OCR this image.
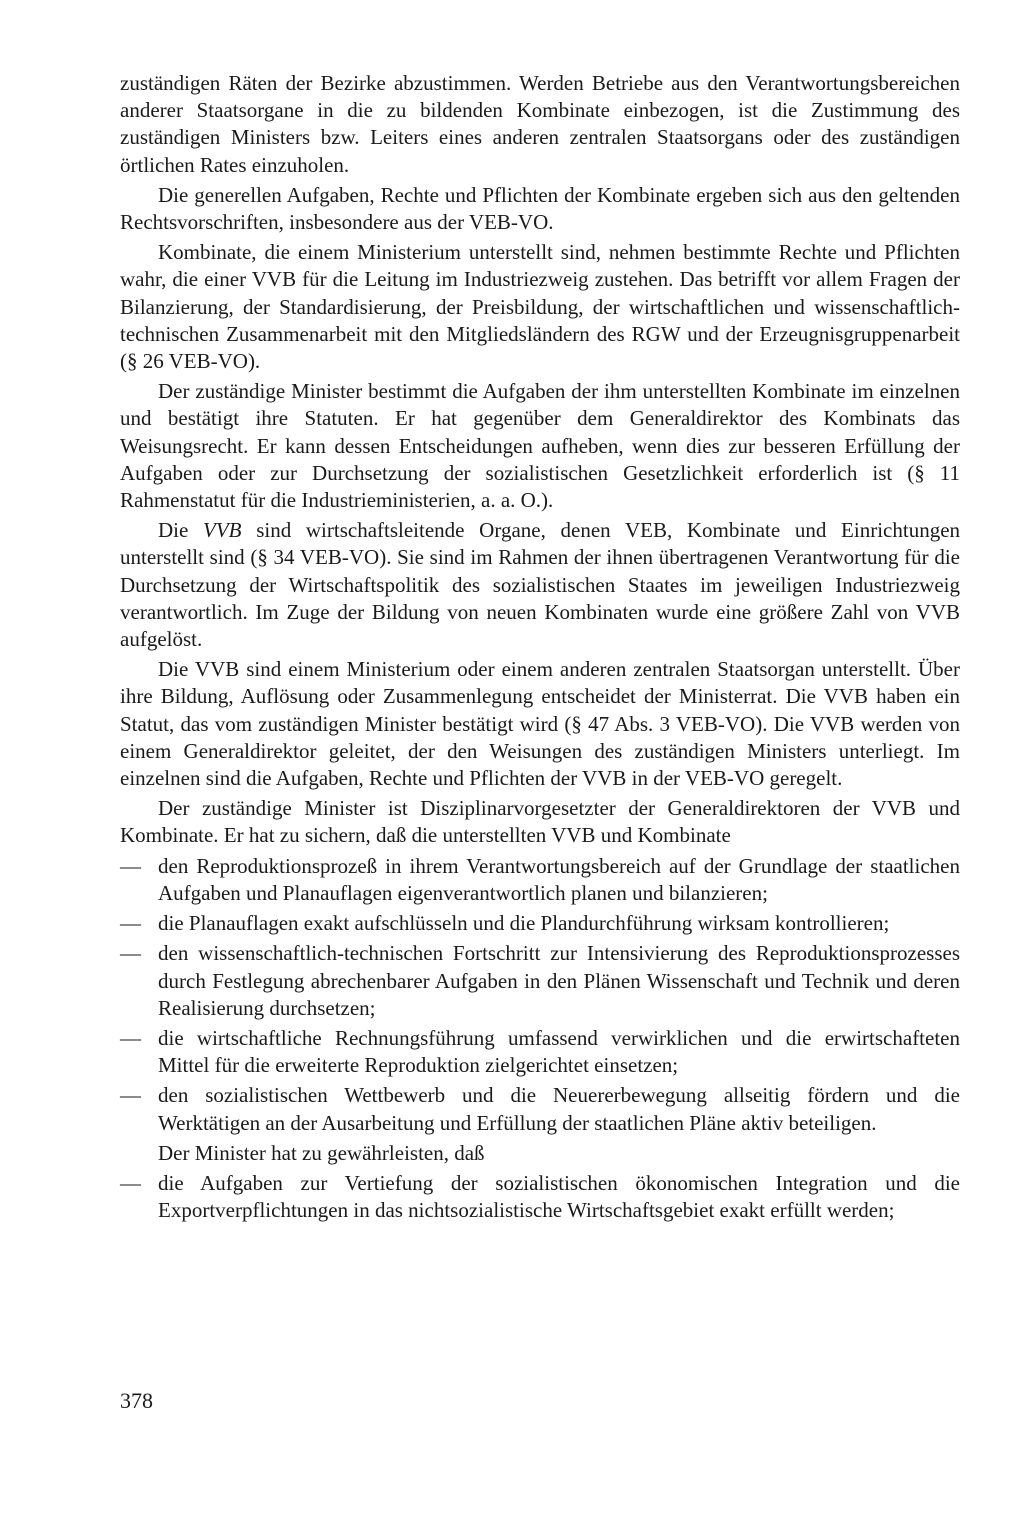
zuständigen Räten der Bezirke abzustimmen. Werden Betriebe aus den Verantwortungsbereichen anderer Staatsorgane in die zu bildenden Kombinate einbezogen, ist die Zustimmung des zuständigen Ministers bzw. Leiters eines anderen zentralen Staatsorgans oder des zuständigen örtlichen Rates einzuholen.

Die generellen Aufgaben, Rechte und Pflichten der Kombinate ergeben sich aus den geltenden Rechtsvorschriften, insbesondere aus der VEB-VO.

Kombinate, die einem Ministerium unterstellt sind, nehmen bestimmte Rechte und Pflichten wahr, die einer VVB für die Leitung im Industriezweig zustehen. Das betrifft vor allem Fragen der Bilanzierung, der Standardisierung, der Preisbildung, der wirtschaftlichen und wissenschaftlich-technischen Zusammenarbeit mit den Mitgliedsländern des RGW und der Erzeugnisgruppenarbeit (§ 26 VEB-VO).

Der zuständige Minister bestimmt die Aufgaben der ihm unterstellten Kombinate im einzelnen und bestätigt ihre Statuten. Er hat gegenüber dem Generaldirektor des Kombinats das Weisungsrecht. Er kann dessen Entscheidungen aufheben, wenn dies zur besseren Erfüllung der Aufgaben oder zur Durchsetzung der sozialistischen Gesetzlichkeit erforderlich ist (§ 11 Rahmenstatut für die Industrieministerien, a. a. O.).

Die VVB sind wirtschaftsleitende Organe, denen VEB, Kombinate und Einrichtungen unterstellt sind (§ 34 VEB-VO). Sie sind im Rahmen der ihnen übertragenen Verantwortung für die Durchsetzung der Wirtschaftspolitik des sozialistischen Staates im jeweiligen Industriezweig verantwortlich. Im Zuge der Bildung von neuen Kombinaten wurde eine größere Zahl von VVB aufgelöst.

Die VVB sind einem Ministerium oder einem anderen zentralen Staatsorgan unterstellt. Über ihre Bildung, Auflösung oder Zusammenlegung entscheidet der Ministerrat. Die VVB haben ein Statut, das vom zuständigen Minister bestätigt wird (§ 47 Abs. 3 VEB-VO). Die VVB werden von einem Generaldirektor geleitet, der den Weisungen des zuständigen Ministers unterliegt. Im einzelnen sind die Aufgaben, Rechte und Pflichten der VVB in der VEB-VO geregelt.

Der zuständige Minister ist Disziplinarvorgesetzter der Generaldirektoren der VVB und Kombinate. Er hat zu sichern, daß die unterstellten VVB und Kombinate

— den Reproduktionsprozeß in ihrem Verantwortungsbereich auf der Grundlage der staatlichen Aufgaben und Planauflagen eigenverantwortlich planen und bilanzieren;
— die Planauflagen exakt aufschlüsseln und die Plandurchführung wirksam kontrollieren;
— den wissenschaftlich-technischen Fortschritt zur Intensivierung des Reproduktionsprozesses durch Festlegung abrechenbarer Aufgaben in den Plänen Wissenschaft und Technik und deren Realisierung durchsetzen;
— die wirtschaftliche Rechnungsführung umfassend verwirklichen und die erwirtschafteten Mittel für die erweiterte Reproduktion zielgerichtet einsetzen;
— den sozialistischen Wettbewerb und die Neuererbewegung allseitig fördern und die Werktätigen an der Ausarbeitung und Erfüllung der staatlichen Pläne aktiv beteiligen.

Der Minister hat zu gewährleisten, daß

— die Aufgaben zur Vertiefung der sozialistischen ökonomischen Integration und die Exportverpflichtungen in das nichtsozialistische Wirtschaftsgebiet exakt erfüllt werden;
378
